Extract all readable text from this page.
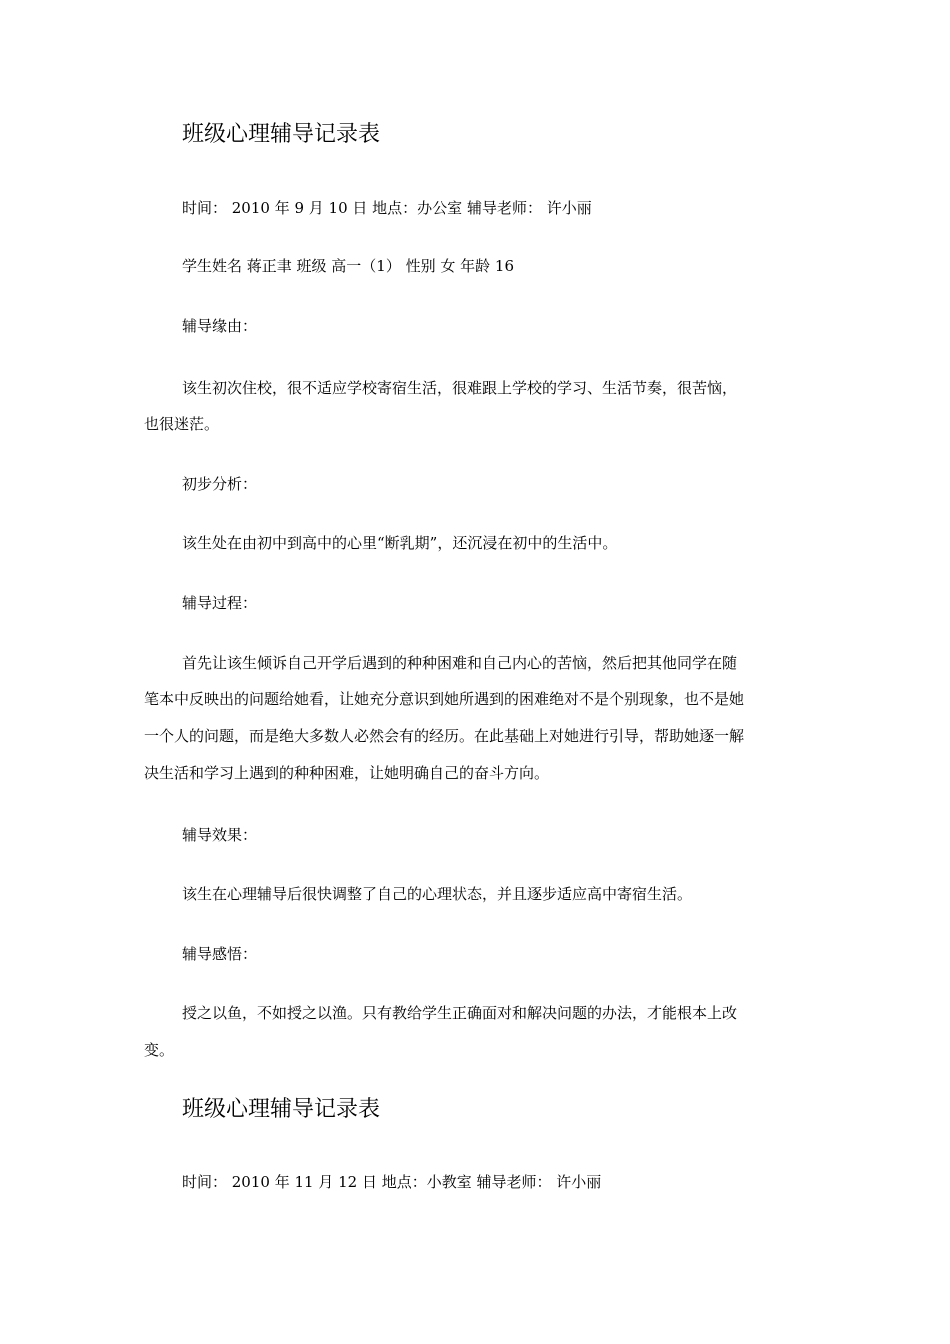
班级心理辅导记录表
时间： 2010 年 9 月 10 日 地点：办公室 辅导老师： 许小丽
学生姓名 蒋正聿 班级 高一（1） 性别 女 年龄 16
辅导缘由：
该生初次住校，很不适应学校寄宿生活，很难跟上学校的学习、生活节奏，很苦恼，
也很迷茫。
初步分析：
该生处在由初中到高中的心里“断乳期”，还沉浸在初中的生活中。
辅导过程：
首先让该生倾诉自己开学后遇到的种种困难和自己内心的苦恼，然后把其他同学在随
笔本中反映出的问题给她看，让她充分意识到她所遇到的困难绝对不是个别现象，也不是她
一个人的问题，而是绝大多数人必然会有的经历。在此基础上对她进行引导，帮助她逐一解
决生活和学习上遇到的种种困难，让她明确自己的奋斗方向。
辅导效果：
该生在心理辅导后很快调整了自己的心理状态，并且逐步适应高中寄宿生活。
辅导感悟：
授之以鱼，不如授之以渔。只有教给学生正确面对和解决问题的办法，才能根本上改
变。
班级心理辅导记录表
时间： 2010 年 11 月 12 日 地点：小教室 辅导老师： 许小丽
